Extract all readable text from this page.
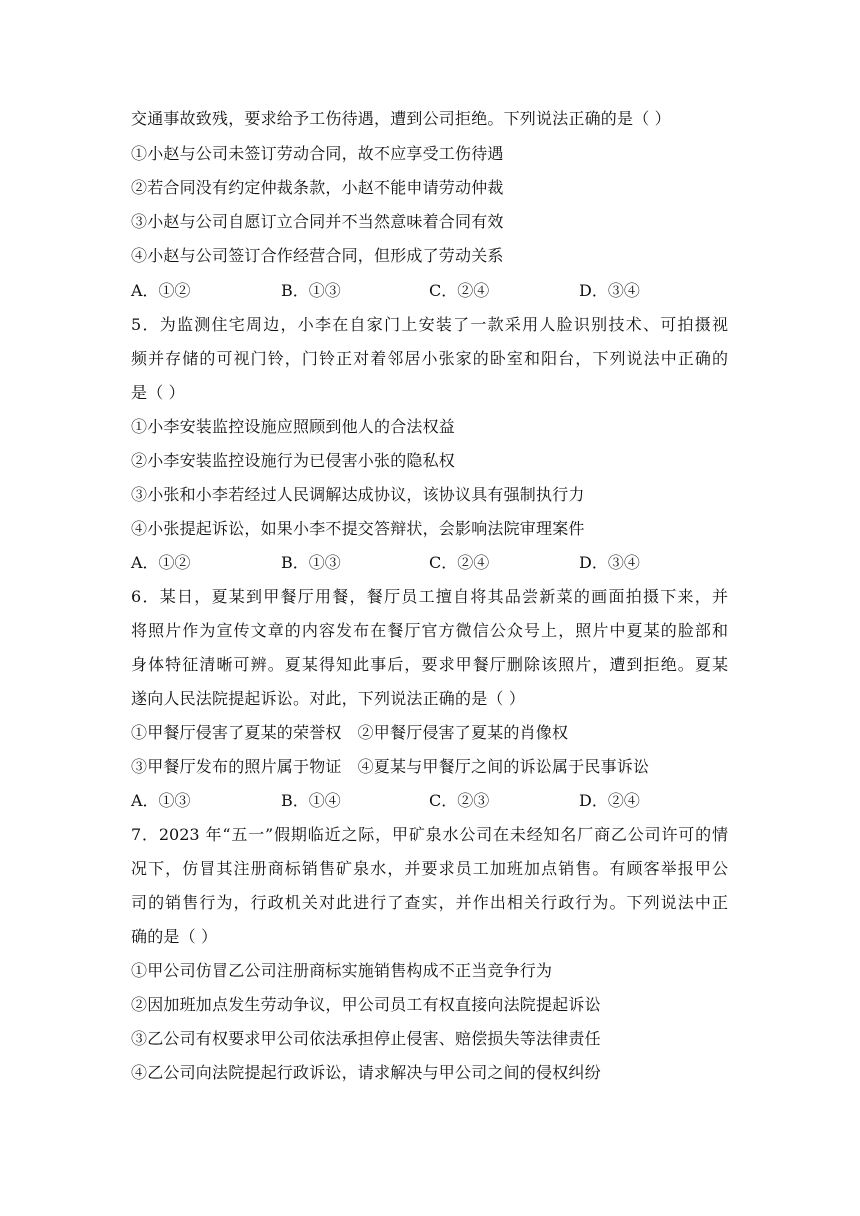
交通事故致残，要求给予工伤待遇，遭到公司拒绝。下列说法正确的是（ ）
①小赵与公司未签订劳动合同，故不应享受工伤待遇
②若合同没有约定仲裁条款，小赵不能申请劳动仲裁
③小赵与公司自愿订立合同并不当然意味着合同有效
④小赵与公司签订合作经营合同，但形成了劳动关系
A．①②	B．①③	C．②④	D．③④
5．为监测住宅周边，小李在自家门上安装了一款采用人脸识别技术、可拍摄视
频并存储的可视门铃，门铃正对着邻居小张家的卧室和阳台，下列说法中正确的
是（ ）
①小李安装监控设施应照顾到他人的合法权益
②小李安装监控设施行为已侵害小张的隐私权
③小张和小李若经过人民调解达成协议，该协议具有强制执行力
④小张提起诉讼，如果小李不提交答辩状，会影响法院审理案件
A．①②	B．①③	C．②④	D．③④
6．某日，夏某到甲餐厅用餐，餐厅员工擅自将其品尝新菜的画面拍摄下来，并
将照片作为宣传文章的内容发布在餐厅官方微信公众号上，照片中夏某的脸部和
身体特征清晰可辨。夏某得知此事后，要求甲餐厅删除该照片，遭到拒绝。夏某
遂向人民法院提起诉讼。对此，下列说法正确的是（ ）
①甲餐厅侵害了夏某的荣誉权 ②甲餐厅侵害了夏某的肖像权
③甲餐厅发布的照片属于物证 ④夏某与甲餐厅之间的诉讼属于民事诉讼
A．①③	B．①④	C．②③	D．②④
7．2023 年“五一”假期临近之际，甲矿泉水公司在未经知名厂商乙公司许可的情
况下，仿冒其注册商标销售矿泉水，并要求员工加班加点销售。有顾客举报甲公
司的销售行为，行政机关对此进行了查实，并作出相关行政行为。下列说法中正
确的是（ ）
①甲公司仿冒乙公司注册商标实施销售构成不正当竞争行为
②因加班加点发生劳动争议，甲公司员工有权直接向法院提起诉讼
③乙公司有权要求甲公司依法承担停止侵害、赔偿损失等法律责任
④乙公司向法院提起行政诉讼，请求解决与甲公司之间的侵权纠纷
